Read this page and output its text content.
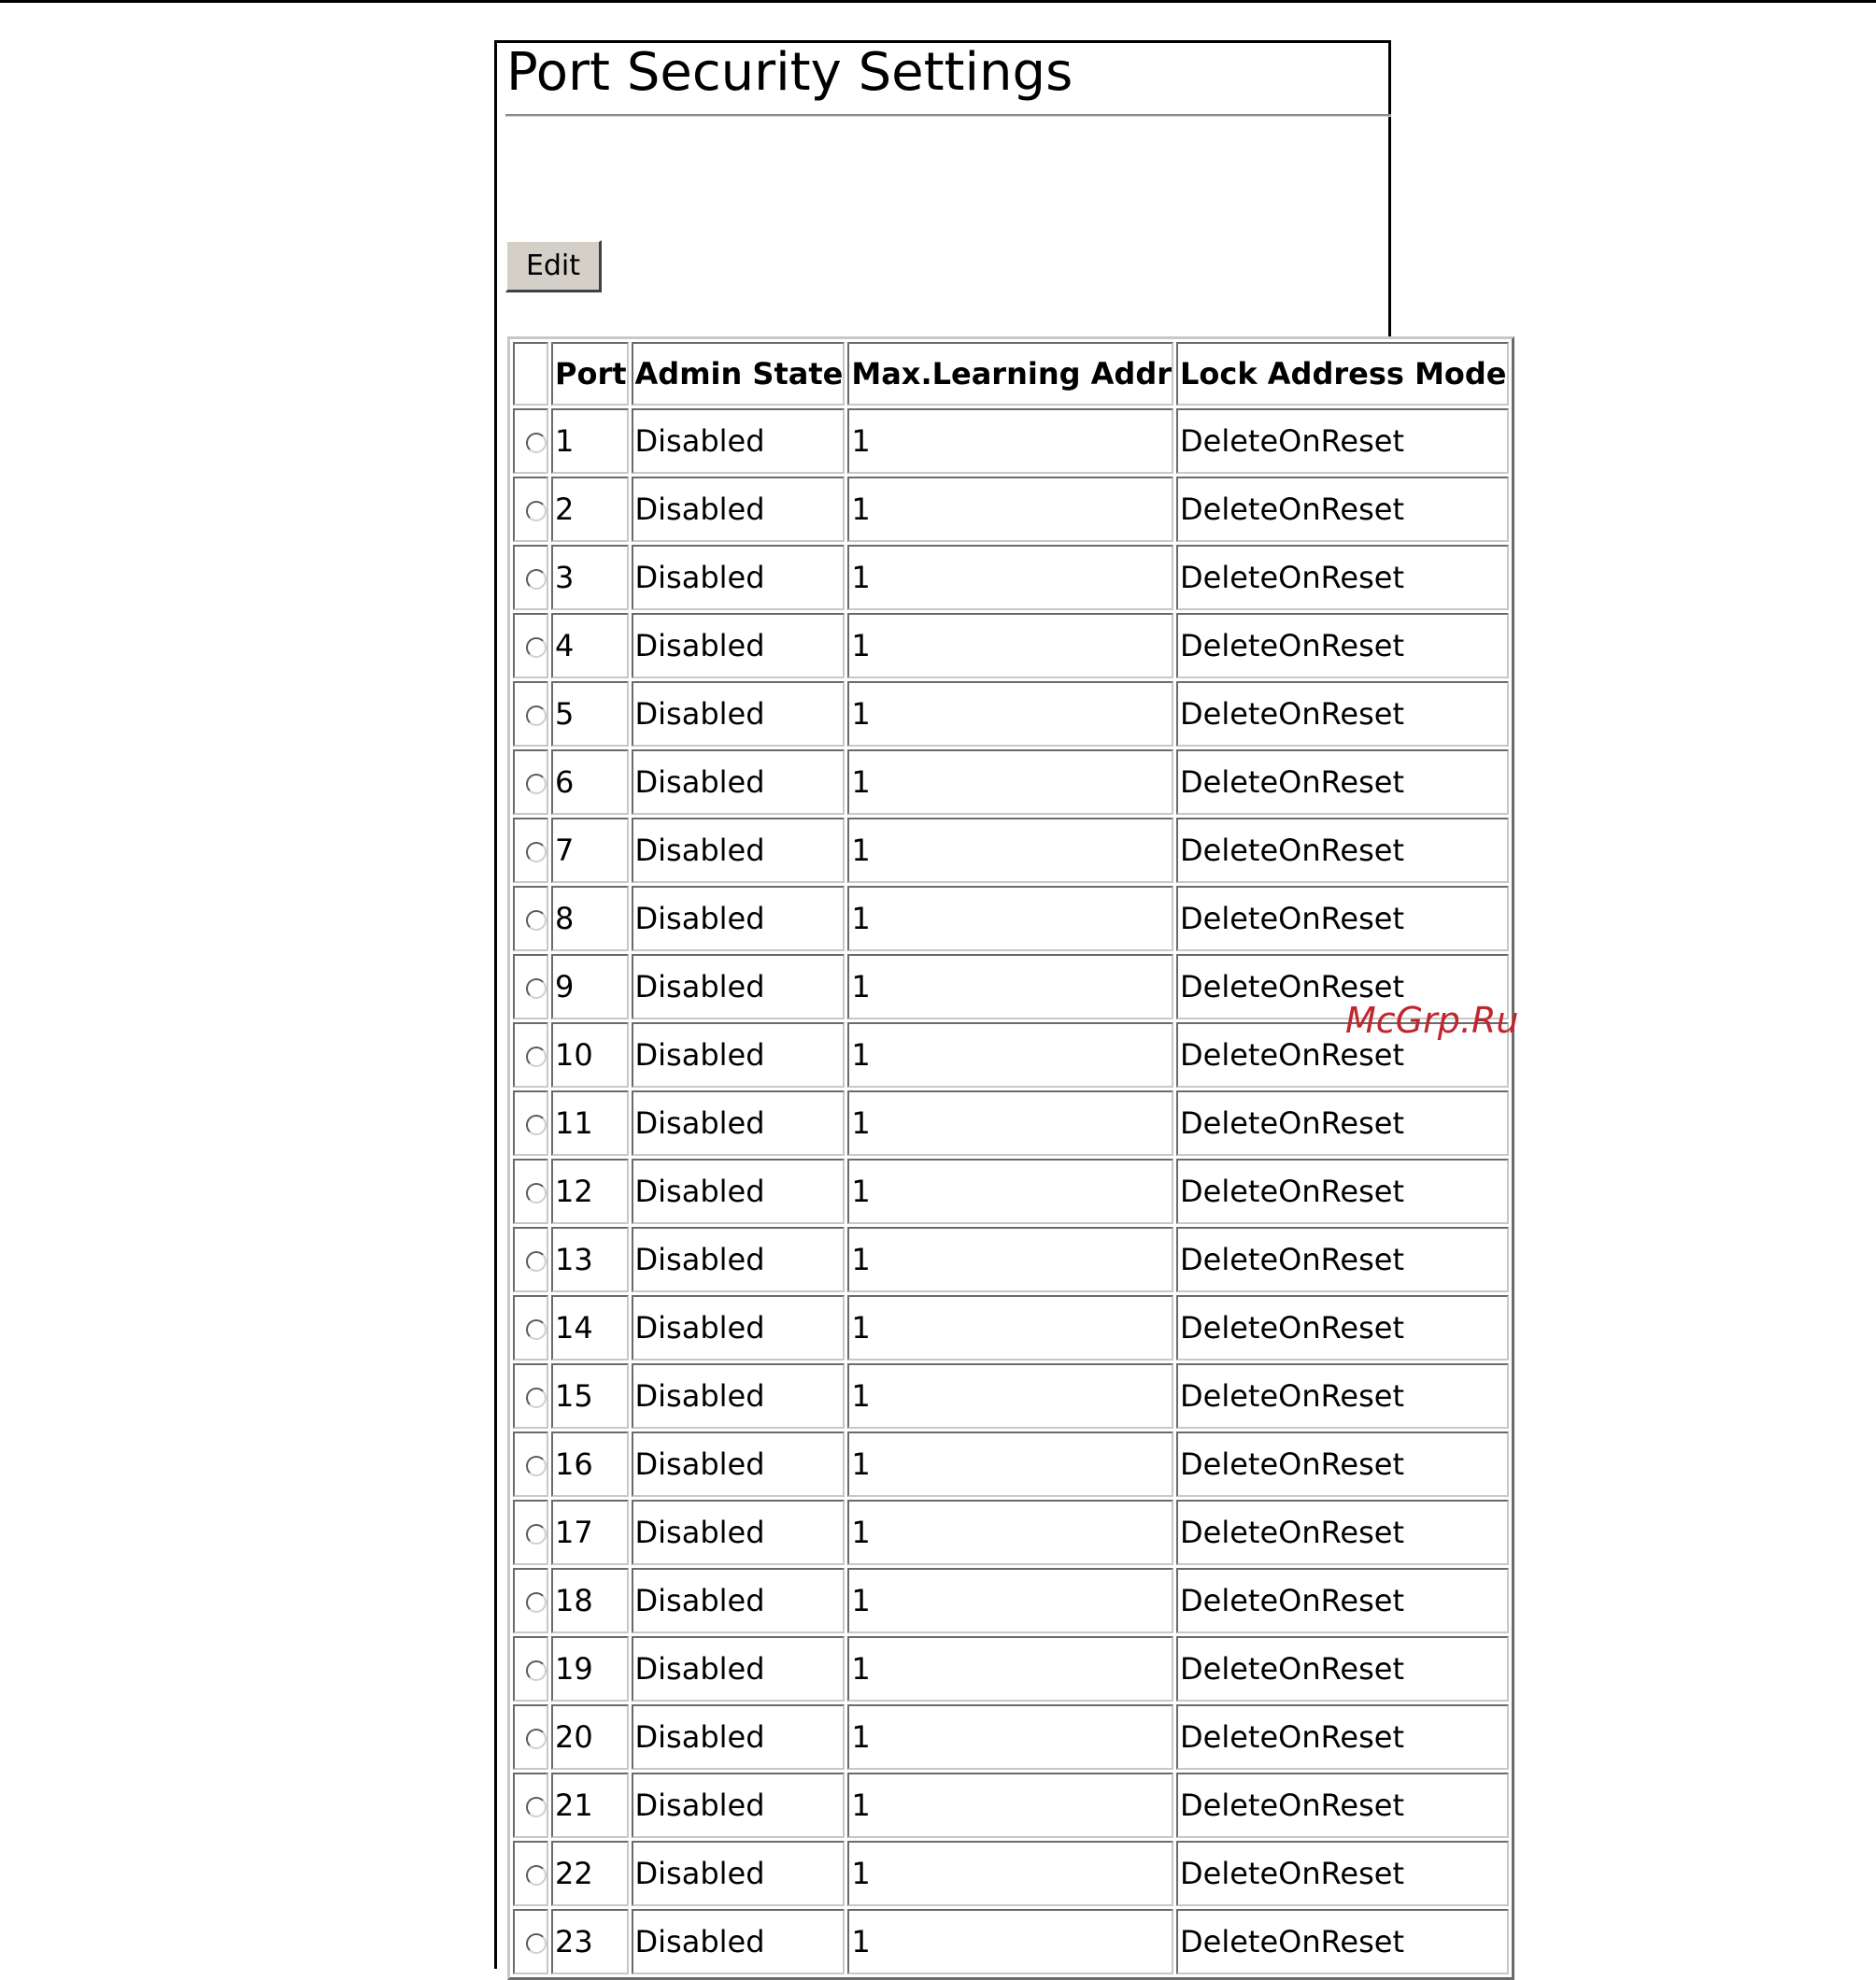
Port Security Settings
Edit
	Port	Admin State	Max.Learning Addr	Lock Address Mode
	1	Disabled	1	DeleteOnReset
	2	Disabled	1	DeleteOnReset
	3	Disabled	1	DeleteOnReset
	4	Disabled	1	DeleteOnReset
	5	Disabled	1	DeleteOnReset
	6	Disabled	1	DeleteOnReset
	7	Disabled	1	DeleteOnReset
	8	Disabled	1	DeleteOnReset
	9	Disabled	1	DeleteOnReset
	10	Disabled	1	DeleteOnReset
	11	Disabled	1	DeleteOnReset
	12	Disabled	1	DeleteOnReset
	13	Disabled	1	DeleteOnReset
	14	Disabled	1	DeleteOnReset
	15	Disabled	1	DeleteOnReset
	16	Disabled	1	DeleteOnReset
	17	Disabled	1	DeleteOnReset
	18	Disabled	1	DeleteOnReset
	19	Disabled	1	DeleteOnReset
	20	Disabled	1	DeleteOnReset
	21	Disabled	1	DeleteOnReset
	22	Disabled	1	DeleteOnReset
	23	Disabled	1	DeleteOnReset
McGrp.Ru
